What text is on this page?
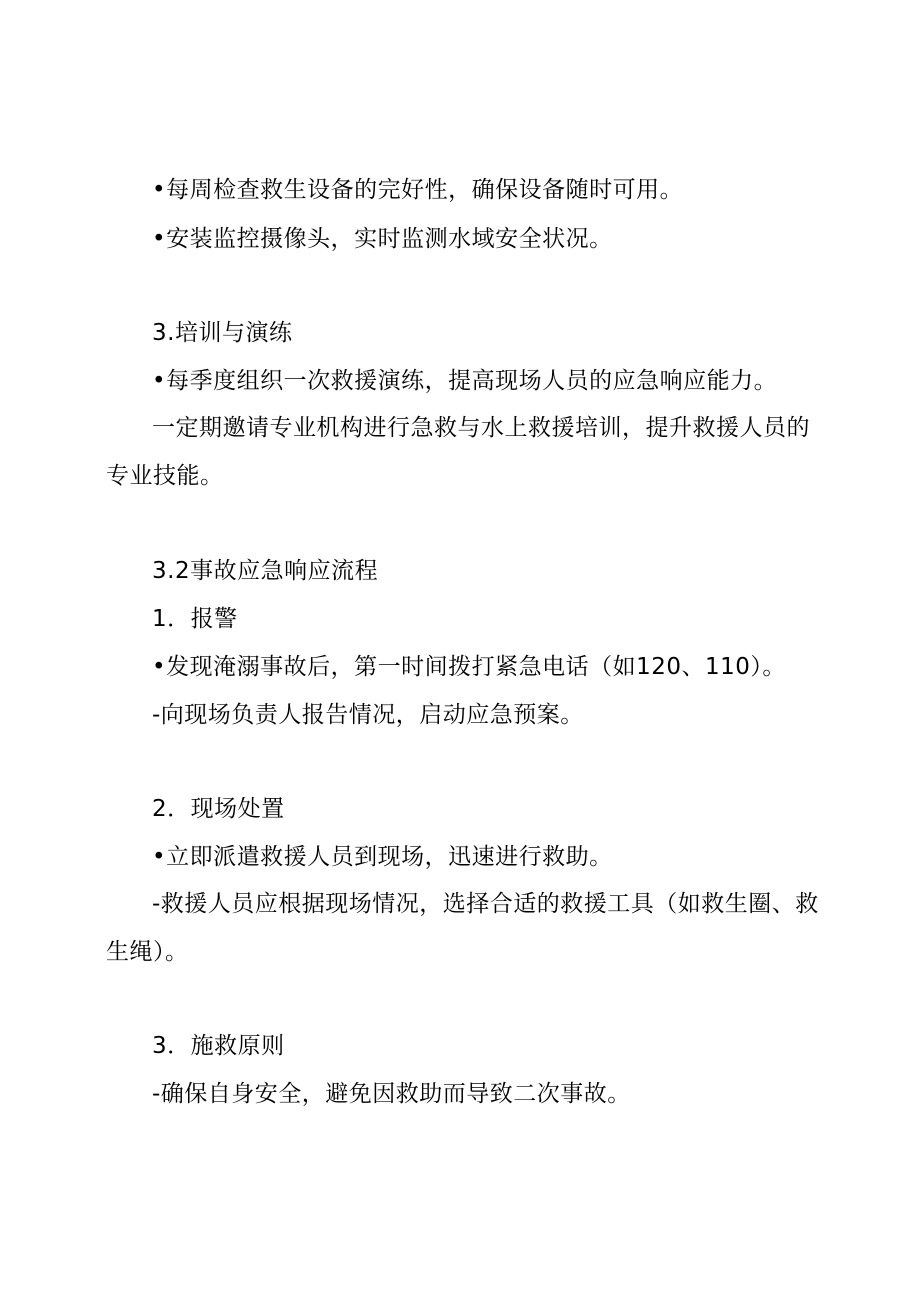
•每周检查救生设备的完好性，确保设备随时可用。
•安装监控摄像头，实时监测水域安全状况。
3.培训与演练
•每季度组织一次救援演练，提高现场人员的应急响应能力。
一定期邀请专业机构进行急救与水上救援培训，提升救援人员的
专业技能。
3.2事故应急响应流程
1．报警
•发现淹溺事故后，第一时间拨打紧急电话（如120、110）。
-向现场负责人报告情况，启动应急预案。
2．现场处置
•立即派遣救援人员到现场，迅速进行救助。
-救援人员应根据现场情况，选择合适的救援工具（如救生圈、救
生绳）。
3．施救原则
-确保自身安全，避免因救助而导致二次事故。
